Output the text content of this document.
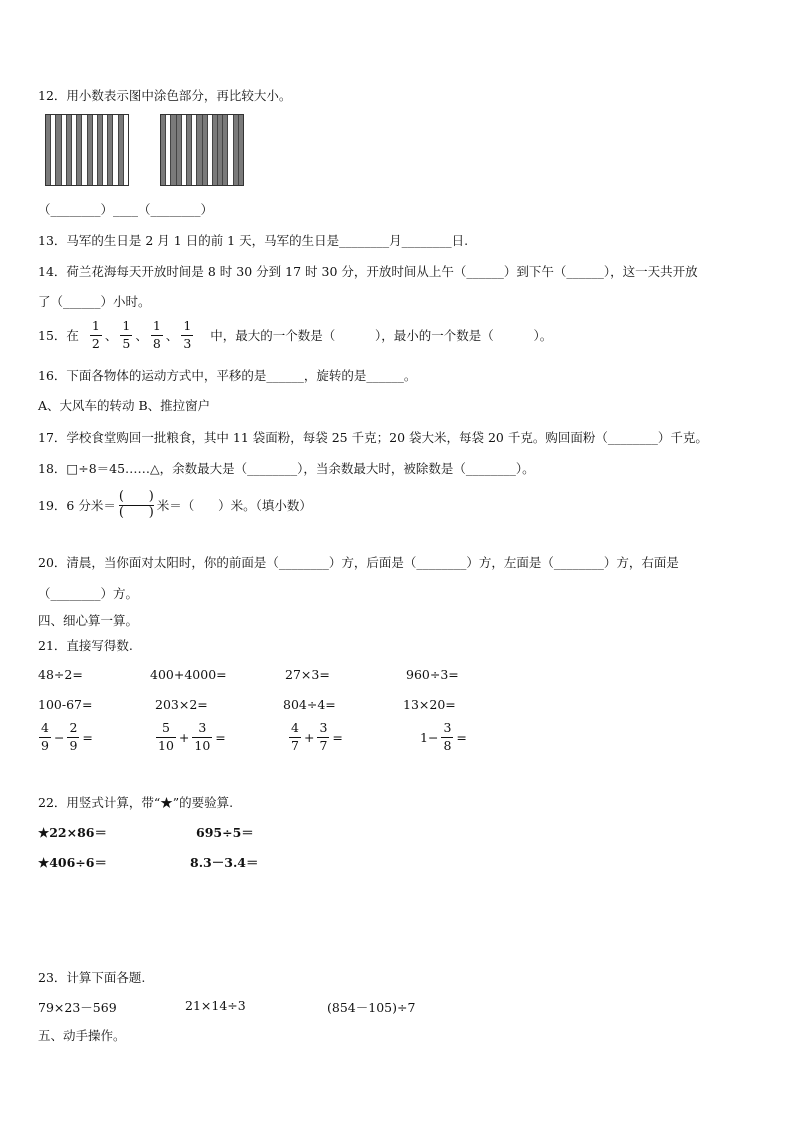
12．用小数表示图中涂色部分，再比较大小。
（________）____（________）
13．马军的生日是 2 月 1 日的前 1 天，马军的生日是________月________日.
14．荷兰花海每天开放时间是 8 时 30 分到 17 时 30 分，开放时间从上午（______）到下午（______），这一天共开放
了（______）小时。
15．在 $\frac{1}{2}$ 、 $\frac{1}{5}$ 、 $\frac{1}{8}$ 、 $\frac{1}{3}$ 中，最大的一个数是（          ），最小的一个数是（          ）。
16．下面各物体的运动方式中，平移的是______，旋转的是______。
A、大风车的转动 B、推拉窗户
17．学校食堂购回一批粮食，其中 11 袋面粉，每袋 25 千克；20 袋大米，每袋 20 千克。购回面粉（________）千克。
18．□÷8＝45……△，余数最大是（________），当余数最大时，被除数是（________）。
19．6 分米＝ $\frac{( )}{( )}$ 米＝（      ）米。（填小数）
20．清晨，当你面对太阳时，你的前面是（________）方，后面是（________）方，左面是（________）方，右面是
（________）方。
四、细心算一算。
21．直接写得数.
48÷2=	400+4000=	27×3=	960÷3=
100-67=	203×2=	804÷4=	13×20=
$\frac{4}{9} - \frac{2}{9}$ =	$\frac{5}{10} + \frac{3}{10}$ =	$\frac{4}{7} + \frac{3}{7}$ =	$1- \frac{3}{8}$ =
22．用竖式计算，带“★”的要验算.
★22×86＝	695÷5＝
★406÷6＝	8.3－3.4＝
23．计算下面各题.
79×23－569	21×14÷3	(854－105)÷7
五、动手操作。
